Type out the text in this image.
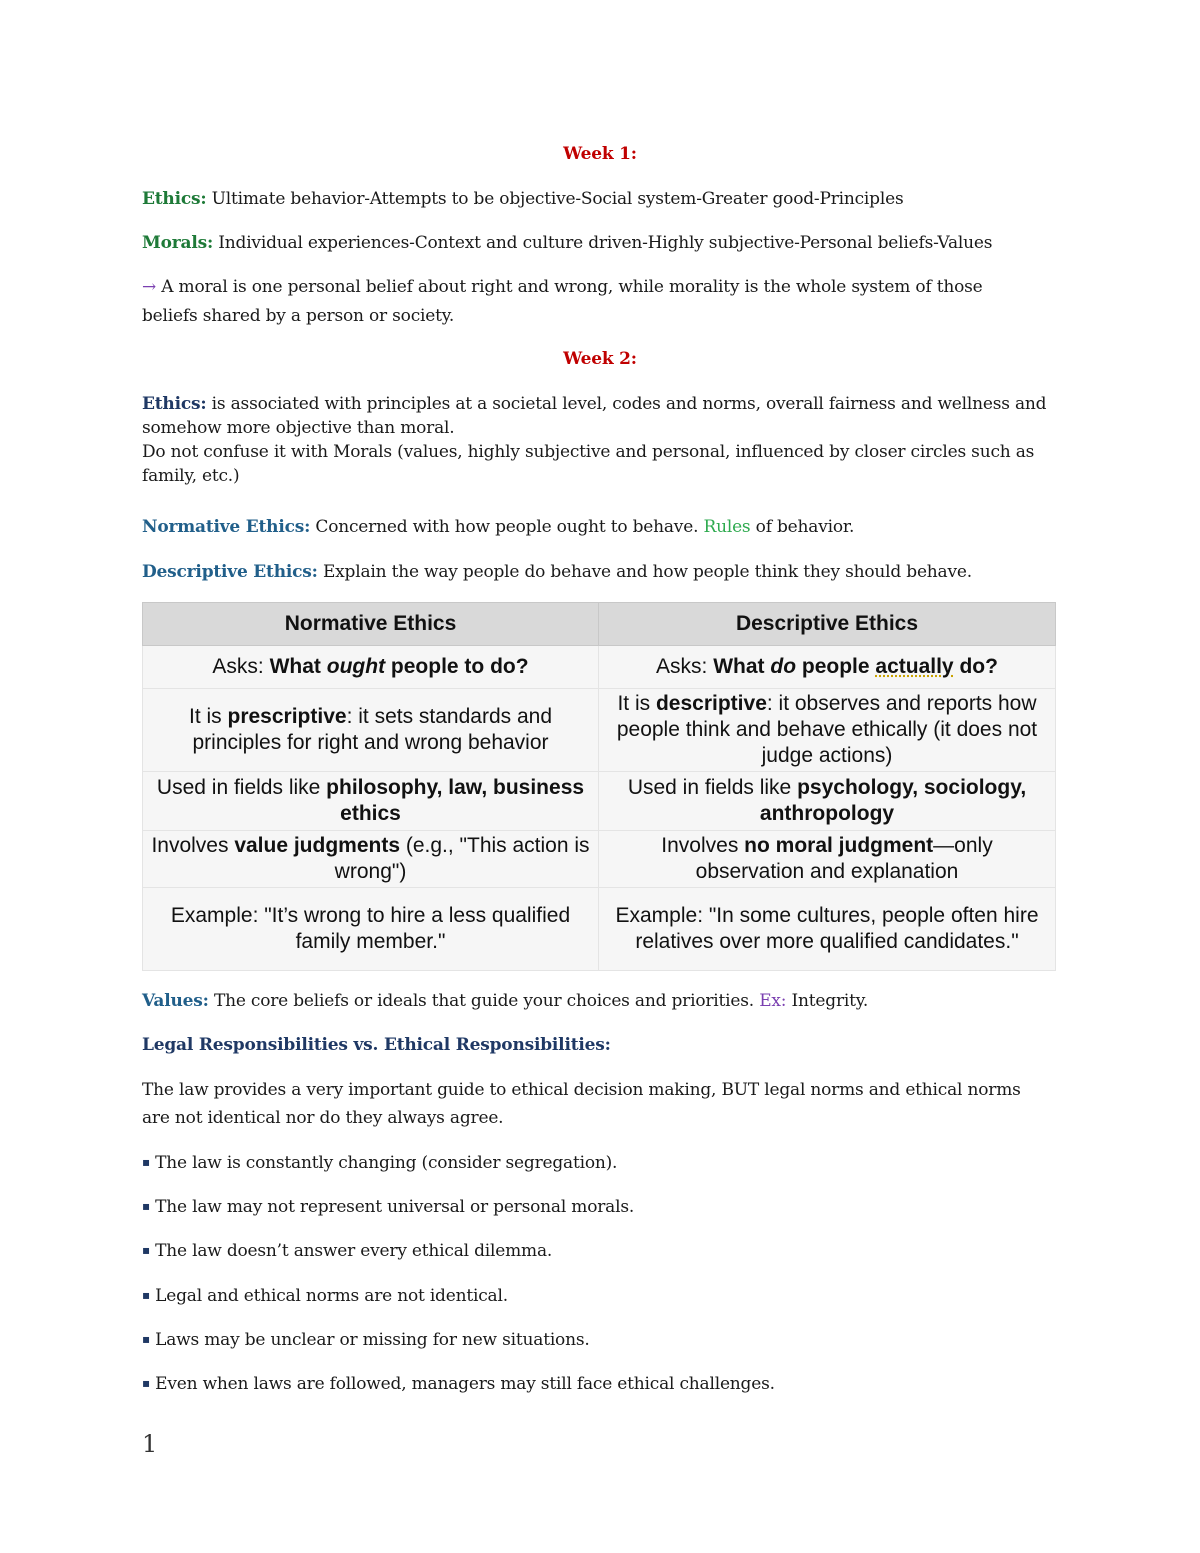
Week 1:
Ethics: Ultimate behavior-Attempts to be objective-Social system-Greater good-Principles
Morals: Individual experiences-Context and culture driven-Highly subjective-Personal beliefs-Values
→ A moral is one personal belief about right and wrong, while morality is the whole system of those
beliefs shared by a person or society.
Week 2:
Ethics: is associated with principles at a societal level, codes and norms, overall fairness and wellness and somehow more objective than moral.
Do not confuse it with Morals (values, highly subjective and personal, influenced by closer circles such as family, etc.)
Normative Ethics: Concerned with how people ought to behave. Rules of behavior.
Descriptive Ethics: Explain the way people do behave and how people think they should behave.
Normative Ethics	Descriptive Ethics
Asks: What ought people to do?	Asks: What do people actually do?
It is prescriptive: it sets standards and principles for right and wrong behavior	It is descriptive: it observes and reports how people think and behave ethically (it does not judge actions)
Used in fields like philosophy, law, business ethics	Used in fields like psychology, sociology, anthropology
Involves value judgments (e.g., "This action is wrong")	Involves no moral judgment—only observation and explanation
Example: "It’s wrong to hire a less qualified family member."	Example: "In some cultures, people often hire relatives over more qualified candidates."
Values: The core beliefs or ideals that guide your choices and priorities. Ex: Integrity.
Legal Responsibilities vs. Ethical Responsibilities:
The law provides a very important guide to ethical decision making, BUT legal norms and ethical norms
are not identical nor do they always agree.
▪ The law is constantly changing (consider segregation).
▪ The law may not represent universal or personal morals.
▪ The law doesn’t answer every ethical dilemma.
▪ Legal and ethical norms are not identical.
▪ Laws may be unclear or missing for new situations.
▪ Even when laws are followed, managers may still face ethical challenges.
1
